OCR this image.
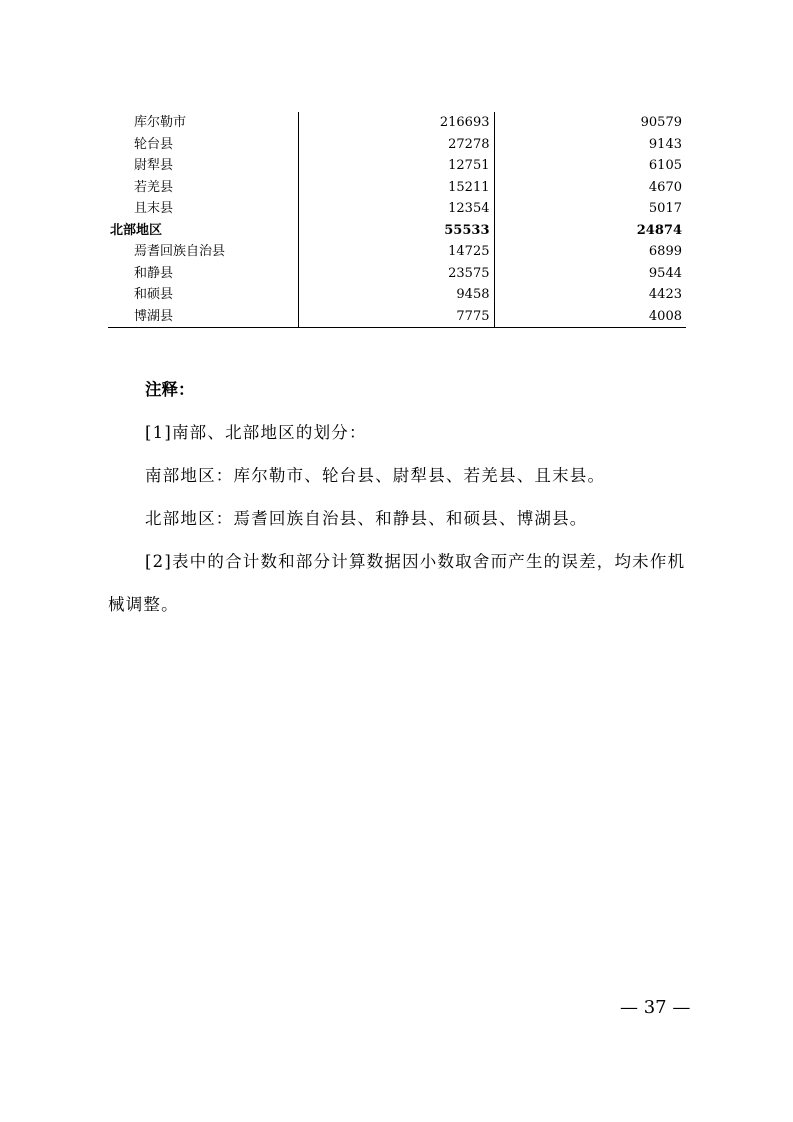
库尔勒市	216693	90579
轮台县	27278	9143
尉犁县	12751	6105
若羌县	15211	4670
且末县	12354	5017
北部地区	55533	24874
焉耆回族自治县	14725	6899
和静县	23575	9544
和硕县	9458	4423
博湖县	7775	4008
注释：
[1]南部、北部地区的划分：
南部地区：库尔勒市、轮台县、尉犁县、若羌县、且末县。
北部地区：焉耆回族自治县、和静县、和硕县、博湖县。
[2]表中的合计数和部分计算数据因小数取舍而产生的误差，均未作机械调整。
— 37 —
